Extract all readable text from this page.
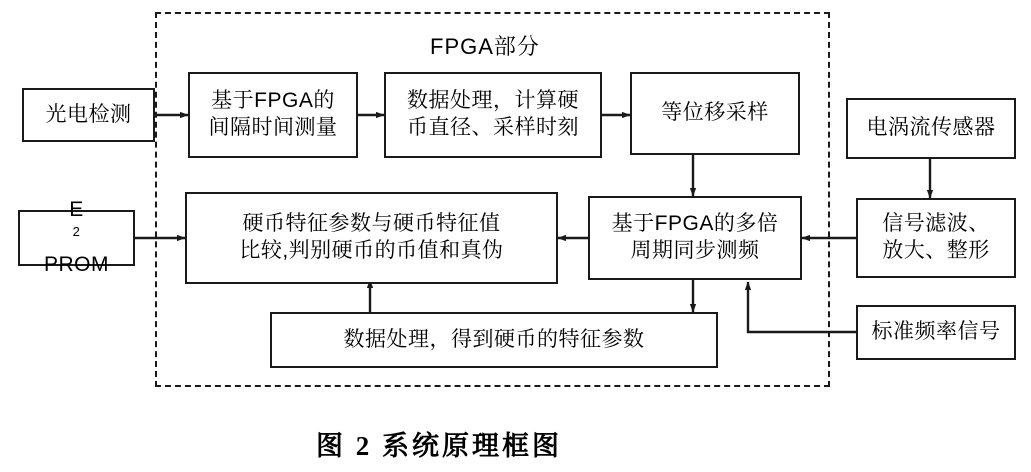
FPGA部分
光电检测
基于FPGA的
间隔时间测量
数据处理，计算硬
币直径、采样时刻
等位移采样
电涡流传感器
E
$^2$
PROM
硬币特征参数与硬币特征值
比较,判别硬币的币值和真伪
基于FPGA的多倍
周期同步测频
信号滤波、
放大、整形
数据处理，得到硬币的特征参数	标准频率信号
图 2 系统原理框图
